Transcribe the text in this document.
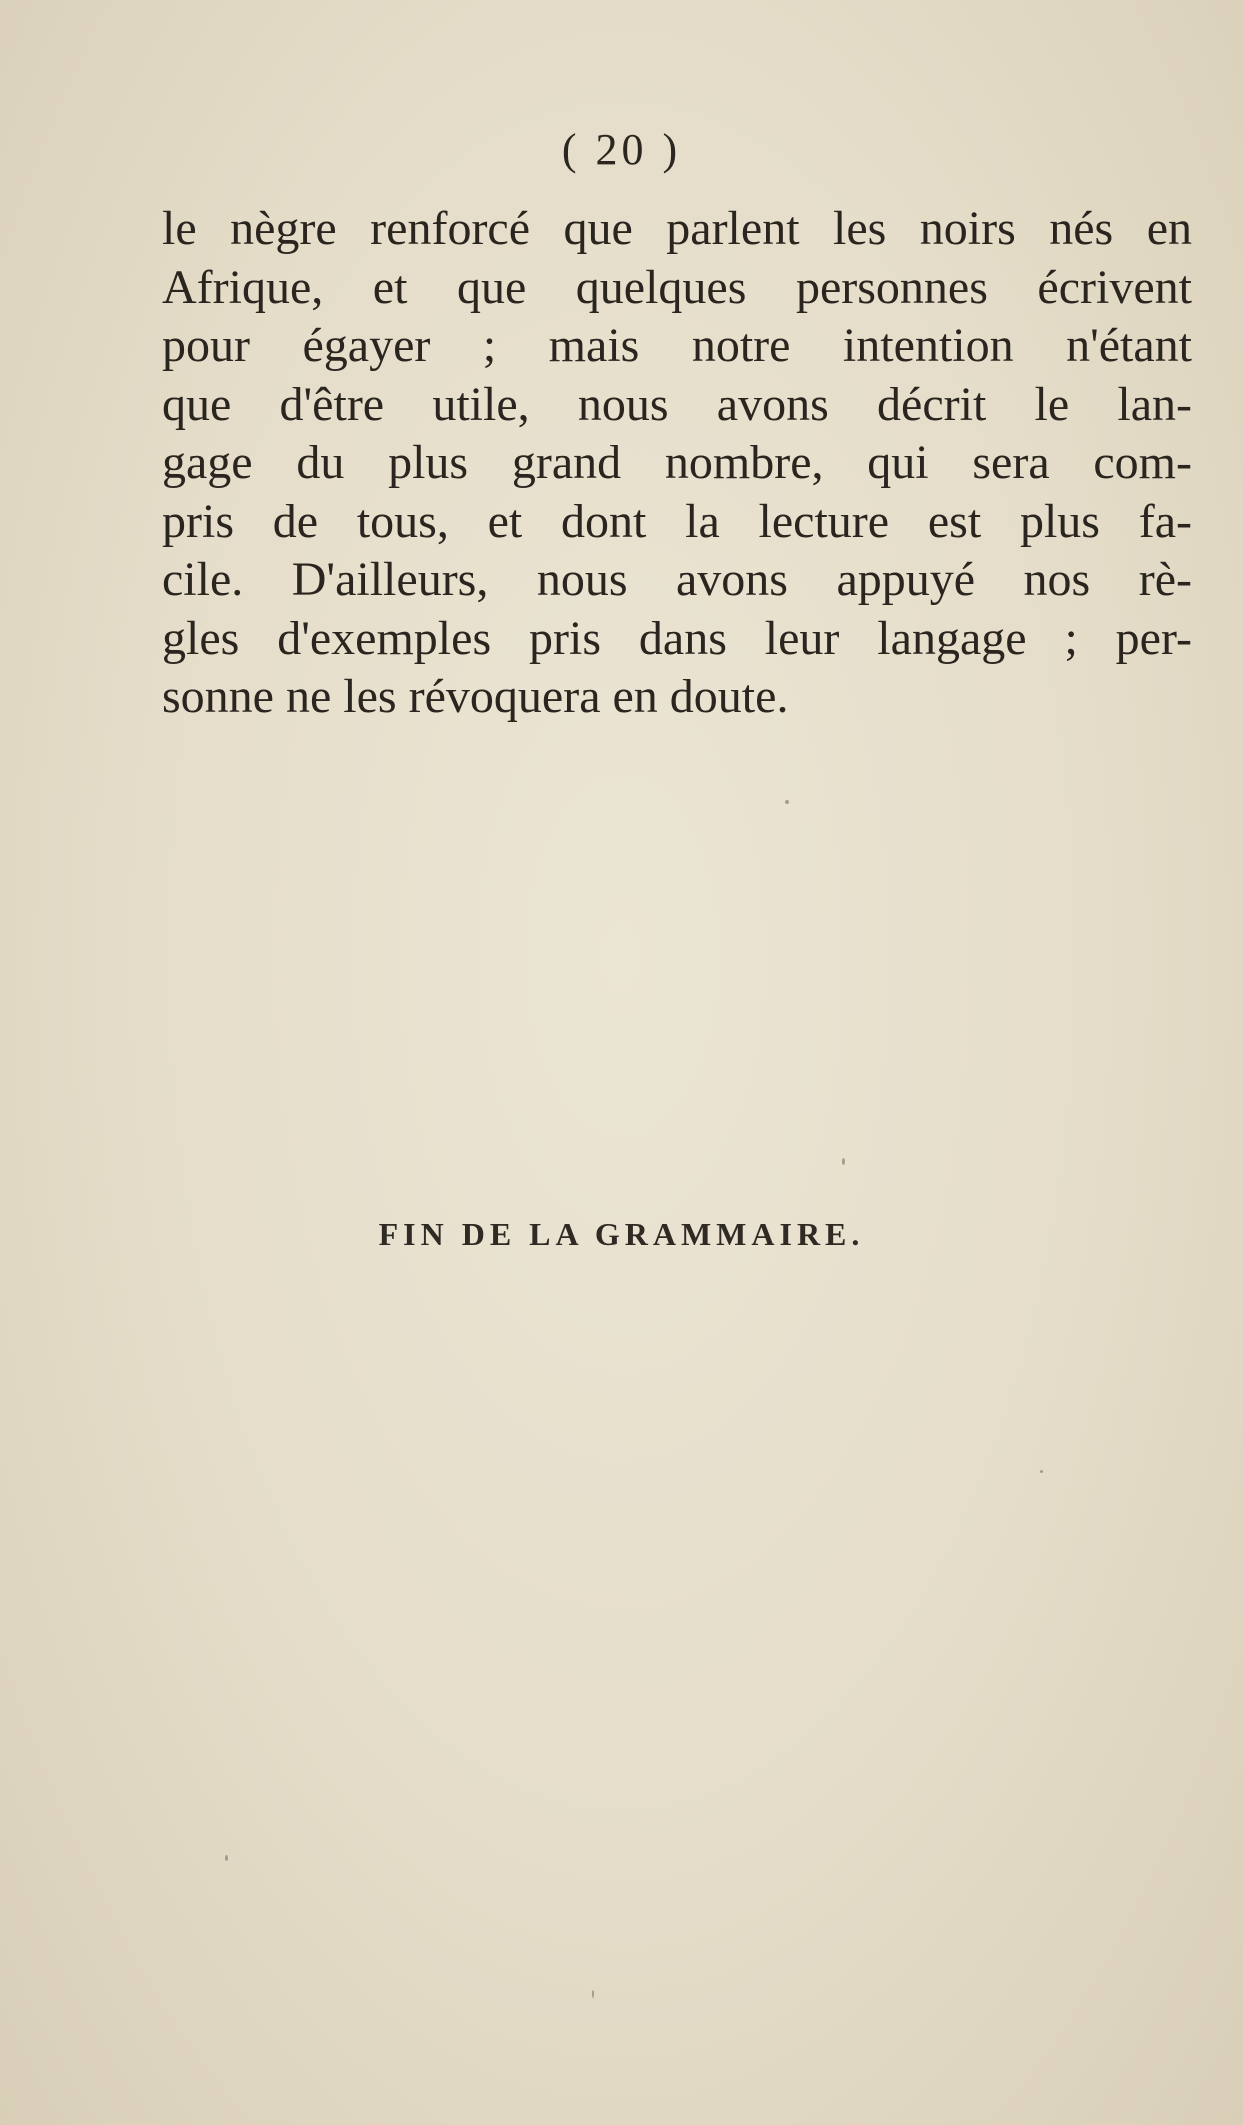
( 20 )
le nègre renforcé que parlent les noirs nés en
Afrique, et que quelques personnes écrivent
pour égayer ; mais notre intention n'étant
que d'être utile, nous avons décrit le lan-
gage du plus grand nombre, qui sera com-
pris de tous, et dont la lecture est plus fa-
cile. D'ailleurs, nous avons appuyé nos rè-
gles d'exemples pris dans leur langage ; per-
sonne ne les révoquera en doute.
FIN DE LA GRAMMAIRE.
